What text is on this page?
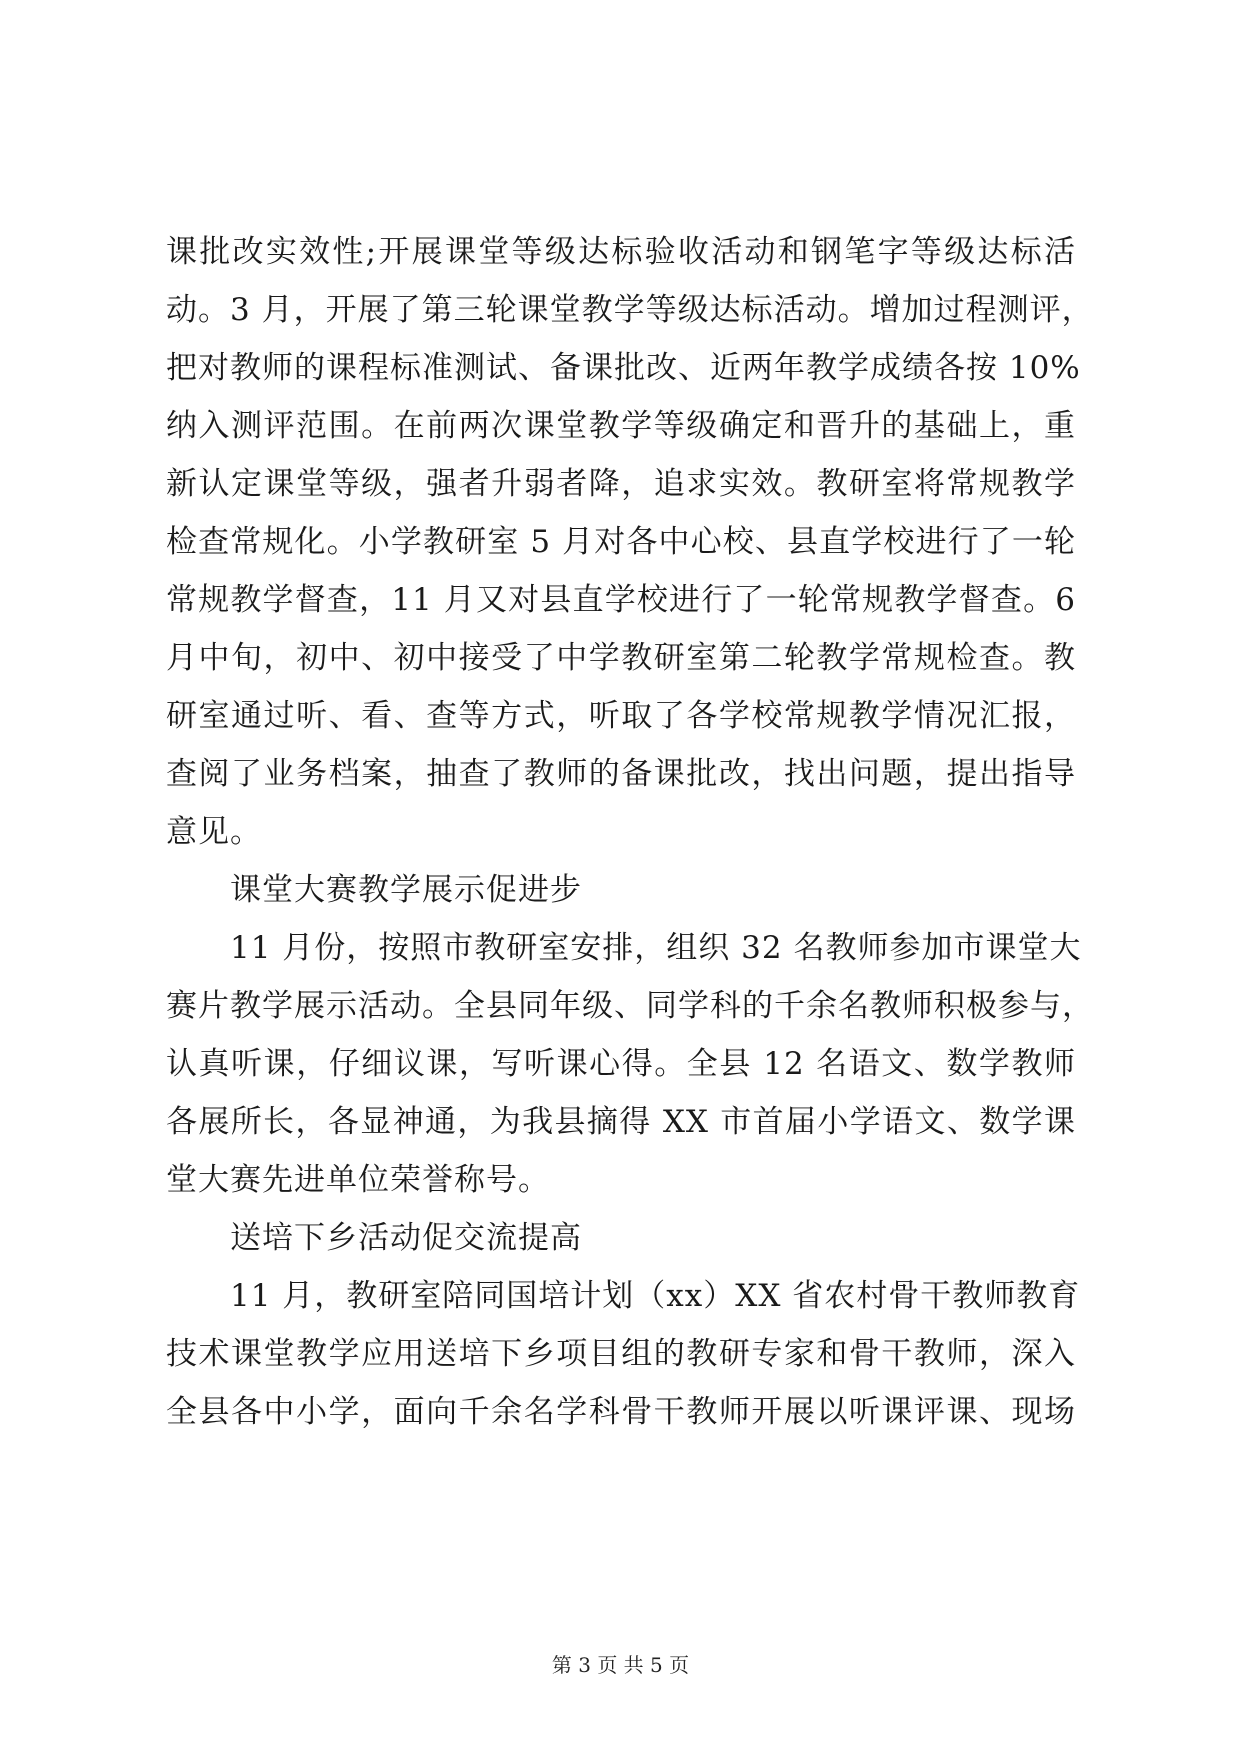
课批改实效性;开展课堂等级达标验收活动和钢笔字等级达标活
动。3 月，开展了第三轮课堂教学等级达标活动。增加过程测评，
把对教师的课程标准测试、备课批改、近两年教学成绩各按 10%
纳入测评范围。在前两次课堂教学等级确定和晋升的基础上，重
新认定课堂等级，强者升弱者降，追求实效。教研室将常规教学
检查常规化。小学教研室 5 月对各中心校、县直学校进行了一轮
常规教学督查，11 月又对县直学校进行了一轮常规教学督查。6
月中旬，初中、初中接受了中学教研室第二轮教学常规检查。教
研室通过听、看、查等方式，听取了各学校常规教学情况汇报，
查阅了业务档案，抽查了教师的备课批改，找出问题，提出指导
意见。
课堂大赛教学展示促进步
11 月份，按照市教研室安排，组织 32 名教师参加市课堂大
赛片教学展示活动。全县同年级、同学科的千余名教师积极参与，
认真听课，仔细议课，写听课心得。全县 12 名语文、数学教师
各展所长，各显神通，为我县摘得 XX 市首届小学语文、数学课
堂大赛先进单位荣誉称号。
送培下乡活动促交流提高
11 月，教研室陪同国培计划（xx）XX 省农村骨干教师教育
技术课堂教学应用送培下乡项目组的教研专家和骨干教师，深入
全县各中小学，面向千余名学科骨干教师开展以听课评课、现场
第 3 页 共 5 页
